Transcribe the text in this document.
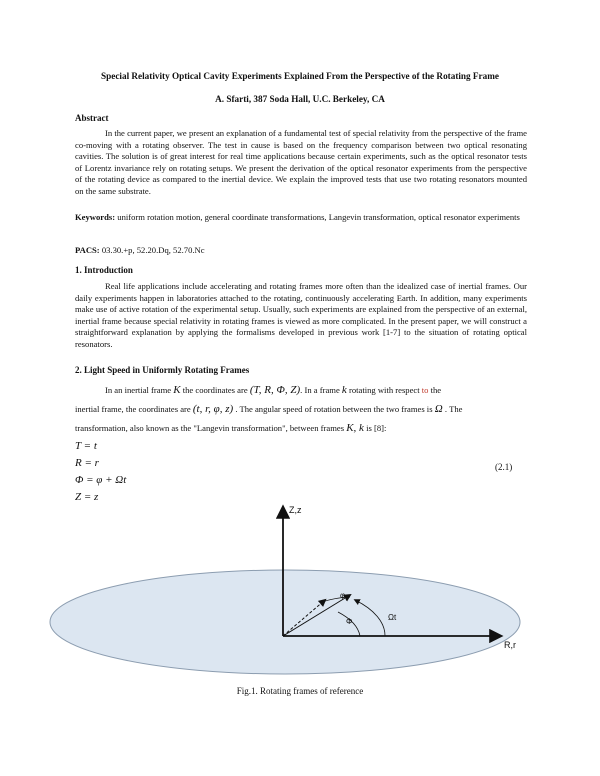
Special Relativity Optical Cavity Experiments Explained From the Perspective of the Rotating Frame
A. Sfarti, 387 Soda Hall, U.C. Berkeley, CA
Abstract
In the current paper, we present an explanation of a fundamental test of special relativity from the perspective of the frame co-moving with a rotating observer. The test in cause is based on the frequency comparison between two optical resonating cavities. The solution is of great interest for real time applications because certain experiments, such as the optical resonator tests of Lorentz invariance rely on rotating setups. We present the derivation of the optical resonator experiments from the perspective of the rotating device as compared to the inertial device. We explain the improved tests that use two rotating resonators mounted on the same substrate.
Keywords: uniform rotation motion, general coordinate transformations, Langevin transformation, optical resonator experiments
PACS: 03.30.+p, 52.20.Dq, 52.70.Nc
1. Introduction
Real life applications include accelerating and rotating frames more often than the idealized case of inertial frames. Our daily experiments happen in laboratories attached to the rotating, continuously accelerating Earth. In addition, many experiments make use of active rotation of the experimental setup. Usually, such experiments are explained from the perspective of an external, inertial frame because special relativity in rotating frames is viewed as more complicated. In the present paper, we will construct a straightforward explanation by applying the formalisms developed in previous work [1-7] to the situation of rotating optical resonators.
2. Light Speed in Uniformly Rotating Frames
In an inertial frame K the coordinates are (T, R, Φ, Z). In a frame k rotating with respect to the
inertial frame, the coordinates are (t, r, φ, z) . The angular speed of rotation between the two frames is Ω . The
transformation, also known as the "Langevin transformation", between frames K, k is [8]:
T = t
R = r
Φ = φ + Ωt
Z = z
(2.1)
Z,z
R,r
φ
Φ	Ωt
Fig.1. Rotating frames of reference
